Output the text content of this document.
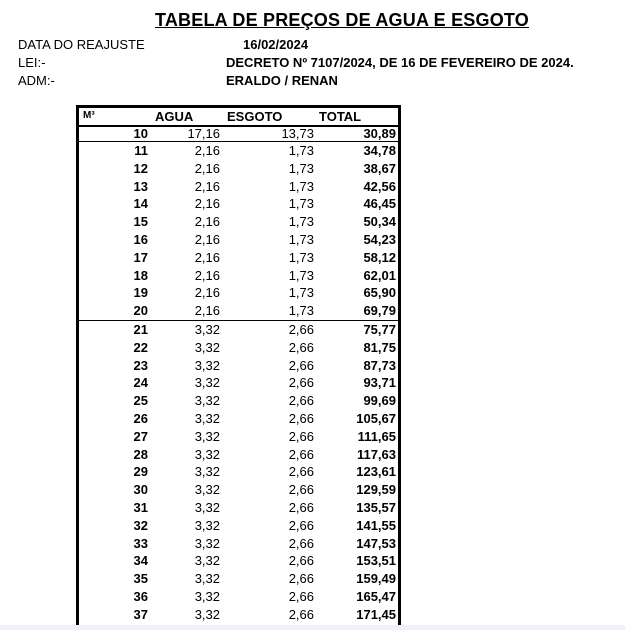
TABELA DE PREÇOS DE AGUA E ESGOTO
DATA DO REAJUSTE	16/02/2024
LEI:-	DECRETO Nº 7107/2024, DE 16 DE FEVEREIRO DE 2024.
ADM:-	ERALDO / RENAN
M³	AGUA	ESGOTO	TOTAL
10	17,16	13,73	30,89
11	2,16	1,73	34,78
12	2,16	1,73	38,67
13	2,16	1,73	42,56
14	2,16	1,73	46,45
15	2,16	1,73	50,34
16	2,16	1,73	54,23
17	2,16	1,73	58,12
18	2,16	1,73	62,01
19	2,16	1,73	65,90
20	2,16	1,73	69,79
21	3,32	2,66	75,77
22	3,32	2,66	81,75
23	3,32	2,66	87,73
24	3,32	2,66	93,71
25	3,32	2,66	99,69
26	3,32	2,66	105,67
27	3,32	2,66	111,65
28	3,32	2,66	117,63
29	3,32	2,66	123,61
30	3,32	2,66	129,59
31	3,32	2,66	135,57
32	3,32	2,66	141,55
33	3,32	2,66	147,53
34	3,32	2,66	153,51
35	3,32	2,66	159,49
36	3,32	2,66	165,47
37	3,32	2,66	171,45
